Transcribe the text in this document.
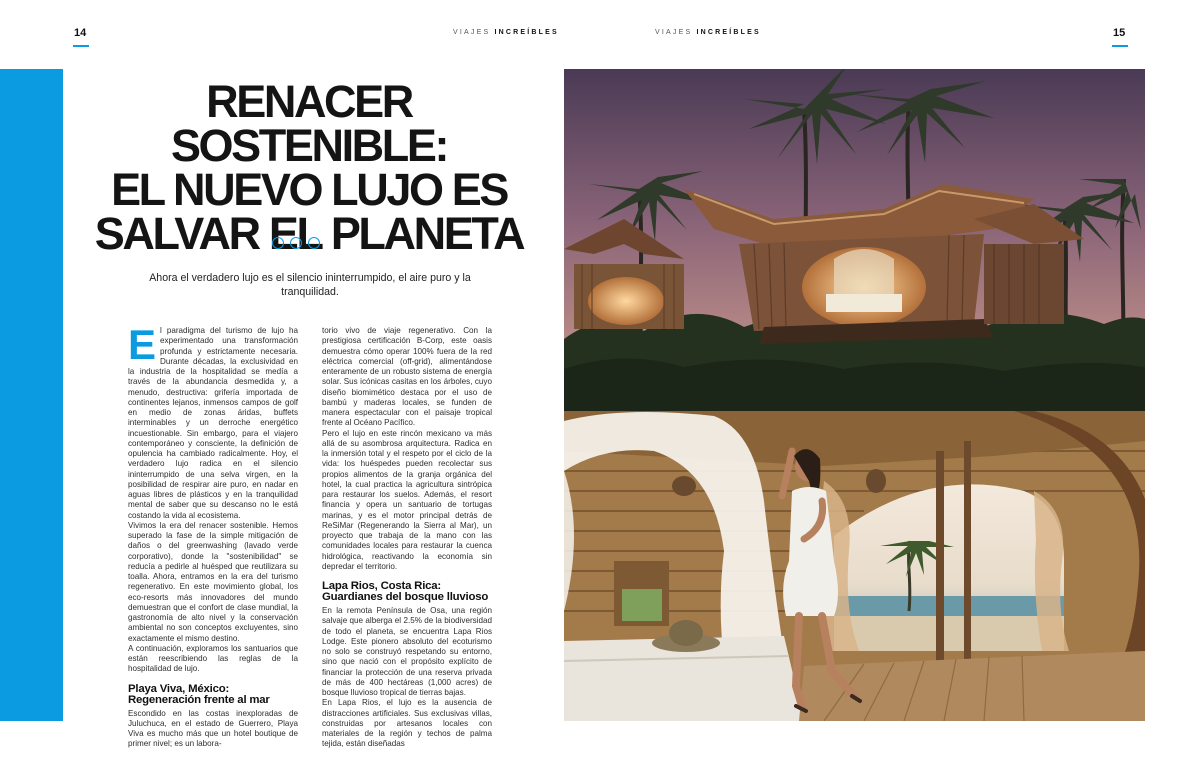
14	VIAJES INCREÍBLES	VIAJES INCREÍBLES	15
RENACER SOSTENIBLE:
EL NUEVO LUJO ES
SALVAR EL PLANETA

Ahora el verdadero lujo es el silencio ininterrumpido, el aire puro y la tranquilidad.

El paradigma del turismo de lujo ha experimentado una transformación profunda y estrictamente necesaria. Durante décadas, la exclusividad en la industria de la hospitalidad se medía a través de la abundancia desmedida y, a menudo, destructiva: grifería importada de continentes lejanos, inmensos campos de golf en medio de zonas áridas, buffets interminables y un derroche energético incuestionable. Sin embargo, para el viajero contemporáneo y consciente, la definición de opulencia ha cambiado radicalmente. Hoy, el verdadero lujo radica en el silencio ininterrumpido de una selva virgen, en la posibilidad de respirar aire puro, en nadar en aguas libres de plásticos y en la tranquilidad mental de saber que su descanso no le está costando la vida al ecosistema.

Vivimos la era del renacer sostenible. Hemos superado la fase de la simple mitigación de daños o del greenwashing (lavado verde corporativo), donde la "sostenibilidad" se reducía a pedirle al huésped que reutilizara su toalla. Ahora, entramos en la era del turismo regenerativo. En este movimiento global, los eco-resorts más innovadores del mundo demuestran que el confort de clase mundial, la gastronomía de alto nivel y la conservación ambiental no son conceptos excluyentes, sino exactamente el mismo destino.

A continuación, exploramos los santuarios que están reescribiendo las reglas de la hospitalidad de lujo.

Playa Viva, México:
Regeneración frente al mar

Escondido en las costas inexploradas de Juluchuca, en el estado de Guerrero, Playa Viva es mucho más que un hotel boutique de primer nivel; es un labora-

torio vivo de viaje regenerativo. Con la prestigiosa certificación B-Corp, este oasis demuestra cómo operar 100% fuera de la red eléctrica comercial (off-grid), alimentándose enteramente de un robusto sistema de energía solar. Sus icónicas casitas en los árboles, cuyo diseño biomimético destaca por el uso de bambú y maderas locales, se funden de manera espectacular con el paisaje tropical frente al Océano Pacífico.

Pero el lujo en este rincón mexicano va más allá de su asombrosa arquitectura. Radica en la inmersión total y el respeto por el ciclo de la vida: los huéspedes pueden recolectar sus propios alimentos de la granja orgánica del hotel, la cual practica la agricultura sintrópica para restaurar los suelos. Además, el resort financia y opera un santuario de tortugas marinas, y es el motor principal detrás de ReSiMar (Regenerando la Sierra al Mar), un proyecto que trabaja de la mano con las comunidades locales para restaurar la cuenca hidrológica, reactivando la economía sin depredar el territorio.

Lapa Rios, Costa Rica:
Guardianes del bosque lluvioso

En la remota Península de Osa, una región salvaje que alberga el 2.5% de la biodiversidad de todo el planeta, se encuentra Lapa Rios Lodge. Este pionero absoluto del ecoturismo no solo se construyó respetando su entorno, sino que nació con el propósito explícito de financiar la protección de una reserva privada de más de 400 hectáreas (1,000 acres) de bosque lluvioso tropical de tierras bajas.

En Lapa Rios, el lujo es la ausencia de distracciones artificiales. Sus exclusivas villas, construidas por artesanos locales con materiales de la región y techos de palma tejida, están diseñadas
